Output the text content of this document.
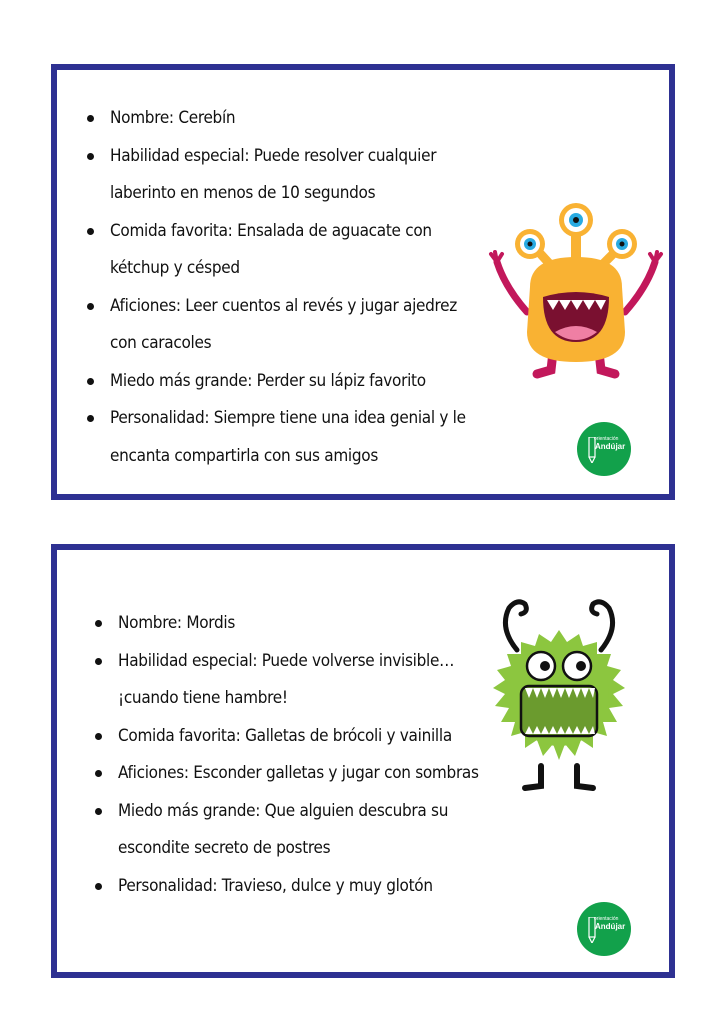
Nombre: Cerebín
Habilidad especial: Puede resolver cualquier
laberinto en menos de 10 segundos
Comida favorita: Ensalada de aguacate con
kétchup y césped
Aficiones: Leer cuentos al revés y jugar ajedrez
con caracoles
Miedo más grande: Perder su lápiz favorito
Personalidad: Siempre tiene una idea genial y le
encanta compartirla con sus amigos
orientación
Andújar
Nombre: Mordis
Habilidad especial: Puede volverse invisible…
¡cuando tiene hambre!
Comida favorita: Galletas de brócoli y vainilla
Aficiones: Esconder galletas y jugar con sombras
Miedo más grande: Que alguien descubra su
escondite secreto de postres
Personalidad: Travieso, dulce y muy glotón
orientación
Andújar
